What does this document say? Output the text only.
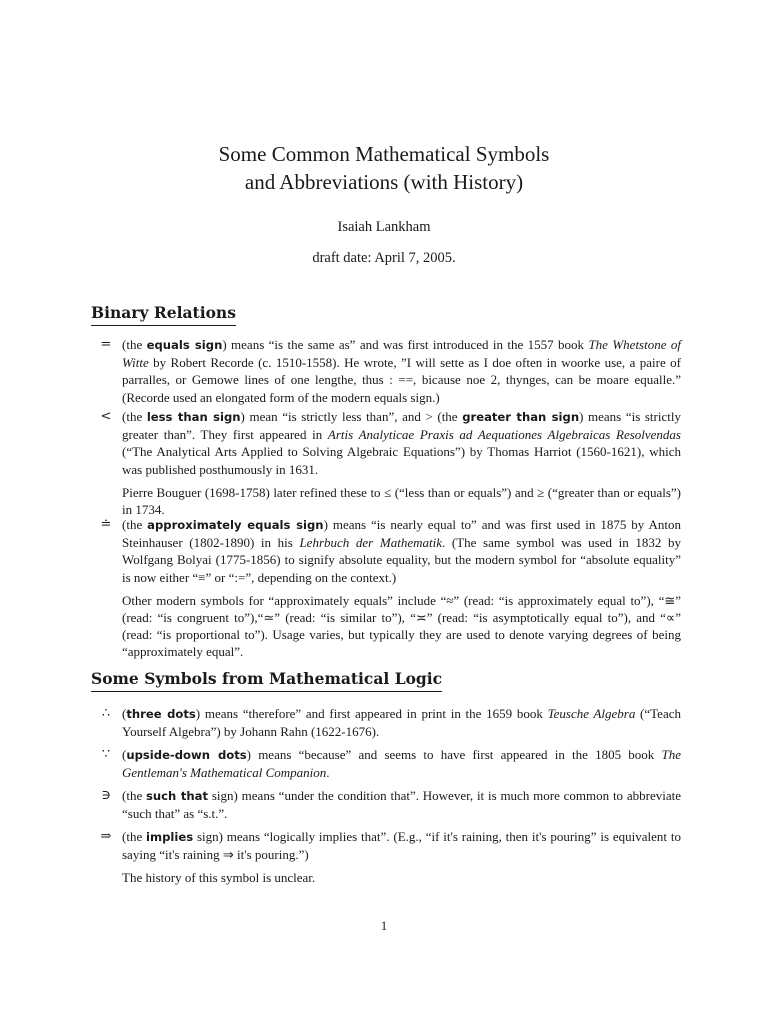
Some Common Mathematical Symbols
and Abbreviations (with History)
Isaiah Lankham
draft date: April 7, 2005.
Binary Relations
= (the equals sign) means “is the same as” and was first introduced in the 1557 book The Whetstone of Witte by Robert Recorde (c. 1510-1558). He wrote, ”I will sette as I doe often in woorke use, a paire of parralles, or Gemowe lines of one lengthe, thus : ==, bicause noe 2, thynges, can be moare equalle.” (Recorde used an elongated form of the modern equals sign.)

< (the less than sign) mean “is strictly less than”, and > (the greater than sign) means “is strictly greater than”. They first appeared in Artis Analyticae Praxis ad Aequationes Algebraicas Resolvendas (“The Analytical Arts Applied to Solving Algebraic Equations”) by Thomas Harriot (1560-1621), which was published posthumously in 1631.

Pierre Bouguer (1698-1758) later refined these to ≤ (“less than or equals”) and ≥ (“greater than or equals”) in 1734.

≐ (the approximately equals sign) means “is nearly equal to” and was first used in 1875 by Anton Steinhauser (1802-1890) in his Lehrbuch der Mathematik. (The same symbol was used in 1832 by Wolfgang Bolyai (1775-1856) to signify absolute equality, but the modern symbol for “absolute equality” is now either “≡” or “:=”, depending on the context.)

Other modern symbols for “approximately equals” include “≈” (read: “is approximately equal to”), “≅” (read: “is congruent to”),“≃” (read: “is similar to”), “≍” (read: “is asymptotically equal to”), and “∝” (read: “is proportional to”). Usage varies, but typically they are used to denote varying degrees of being “approximately equal”.

Some Symbols from Mathematical Logic
∴ (three dots) means “therefore” and first appeared in print in the 1659 book Teusche Algebra (“Teach Yourself Algebra”) by Johann Rahn (1622-1676).

∵ (upside-down dots) means “because” and seems to have first appeared in the 1805 book The Gentleman's Mathematical Companion.

∋ (the such that sign) means “under the condition that”. However, it is much more common to abbreviate “such that” as “s.t.”.

⇒ (the implies sign) means “logically implies that”. (E.g., “if it's raining, then it's pouring” is equivalent to saying “it's raining ⇒ it's pouring.”)

The history of this symbol is unclear.

1
